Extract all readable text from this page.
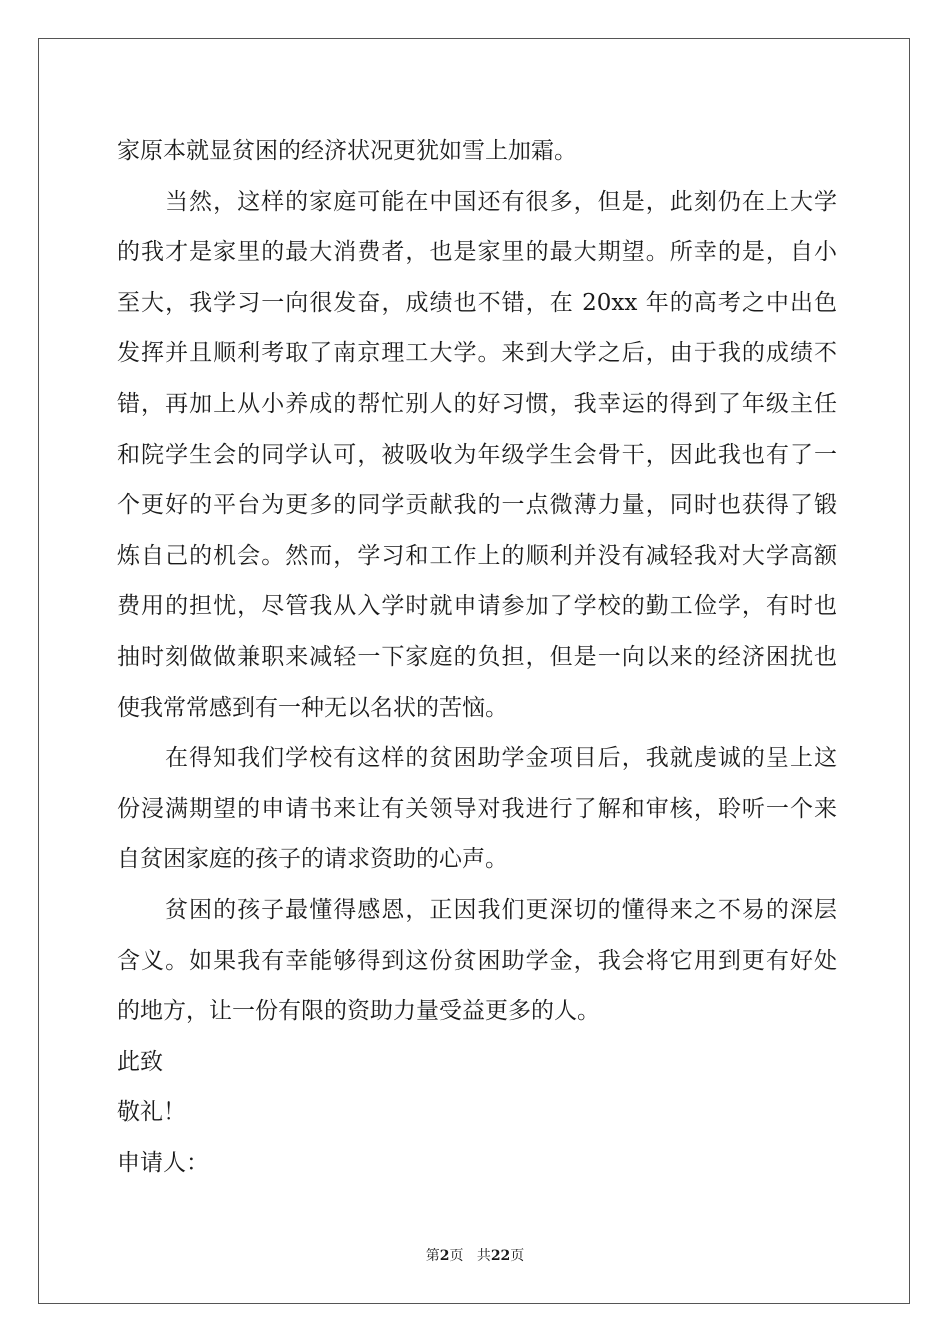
家原本就显贫困的经济状况更犹如雪上加霜。
当然，这样的家庭可能在中国还有很多，但是，此刻仍在上大学
的我才是家里的最大消费者，也是家里的最大期望。所幸的是，自小
至大，我学习一向很发奋，成绩也不错，在 20xx 年的高考之中出色
发挥并且顺利考取了南京理工大学。来到大学之后，由于我的成绩不
错，再加上从小养成的帮忙别人的好习惯，我幸运的得到了年级主任
和院学生会的同学认可，被吸收为年级学生会骨干，因此我也有了一
个更好的平台为更多的同学贡献我的一点微薄力量，同时也获得了锻
炼自己的机会。然而，学习和工作上的顺利并没有减轻我对大学高额
费用的担忧，尽管我从入学时就申请参加了学校的勤工俭学，有时也
抽时刻做做兼职来减轻一下家庭的负担，但是一向以来的经济困扰也
使我常常感到有一种无以名状的苦恼。
在得知我们学校有这样的贫困助学金项目后，我就虔诚的呈上这
份浸满期望的申请书来让有关领导对我进行了解和审核，聆听一个来
自贫困家庭的孩子的请求资助的心声。
贫困的孩子最懂得感恩，正因我们更深切的懂得来之不易的深层
含义。如果我有幸能够得到这份贫困助学金，我会将它用到更有好处
的地方，让一份有限的资助力量受益更多的人。
此致
敬礼！
申请人：
第2页 共22页
